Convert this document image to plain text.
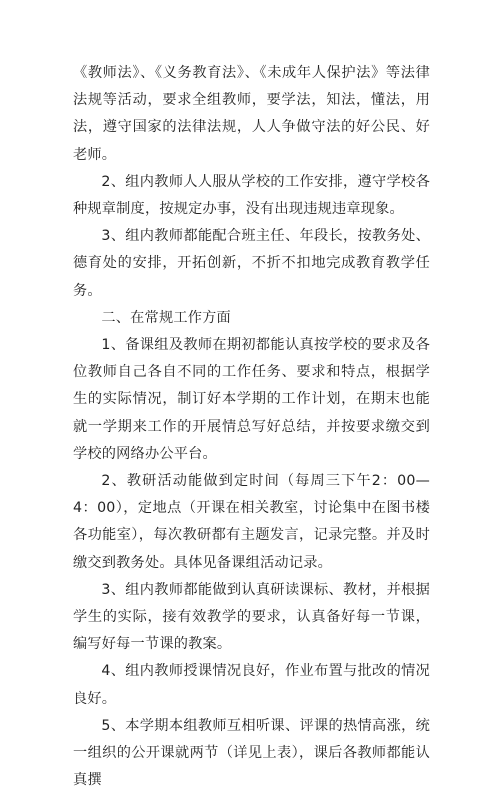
《教师法》、《义务教育法》、《未成年人保护法》等法律法规等活动，要求全组教师，要学法，知法，懂法，用法，遵守国家的法律法规，人人争做守法的好公民、好老师。

2、组内教师人人服从学校的工作安排，遵守学校各种规章制度，按规定办事，没有出现违规违章现象。

3、组内教师都能配合班主任、年段长，按教务处、德育处的安排，开拓创新，不折不扣地完成教育教学任务。

二、在常规工作方面

1、备课组及教师在期初都能认真按学校的要求及各位教师自己各自不同的工作任务、要求和特点，根据学生的实际情况，制订好本学期的工作计划，在期末也能就一学期来工作的开展情总写好总结，并按要求缴交到学校的网络办公平台。

2、教研活动能做到定时间（每周三下午2：00—4：00），定地点（开课在相关教室，讨论集中在图书楼各功能室），每次教研都有主题发言，记录完整。并及时缴交到教务处。具体见备课组活动记录。

3、组内教师都能做到认真研读课标、教材，并根据学生的实际，接有效教学的要求，认真备好每一节课，编写好每一节课的教案。

4、组内教师授课情况良好，作业布置与批改的情况良好。

5、本学期本组教师互相听课、评课的热情高涨，统一组织的公开课就两节（详见上表），课后各教师都能认真撰
